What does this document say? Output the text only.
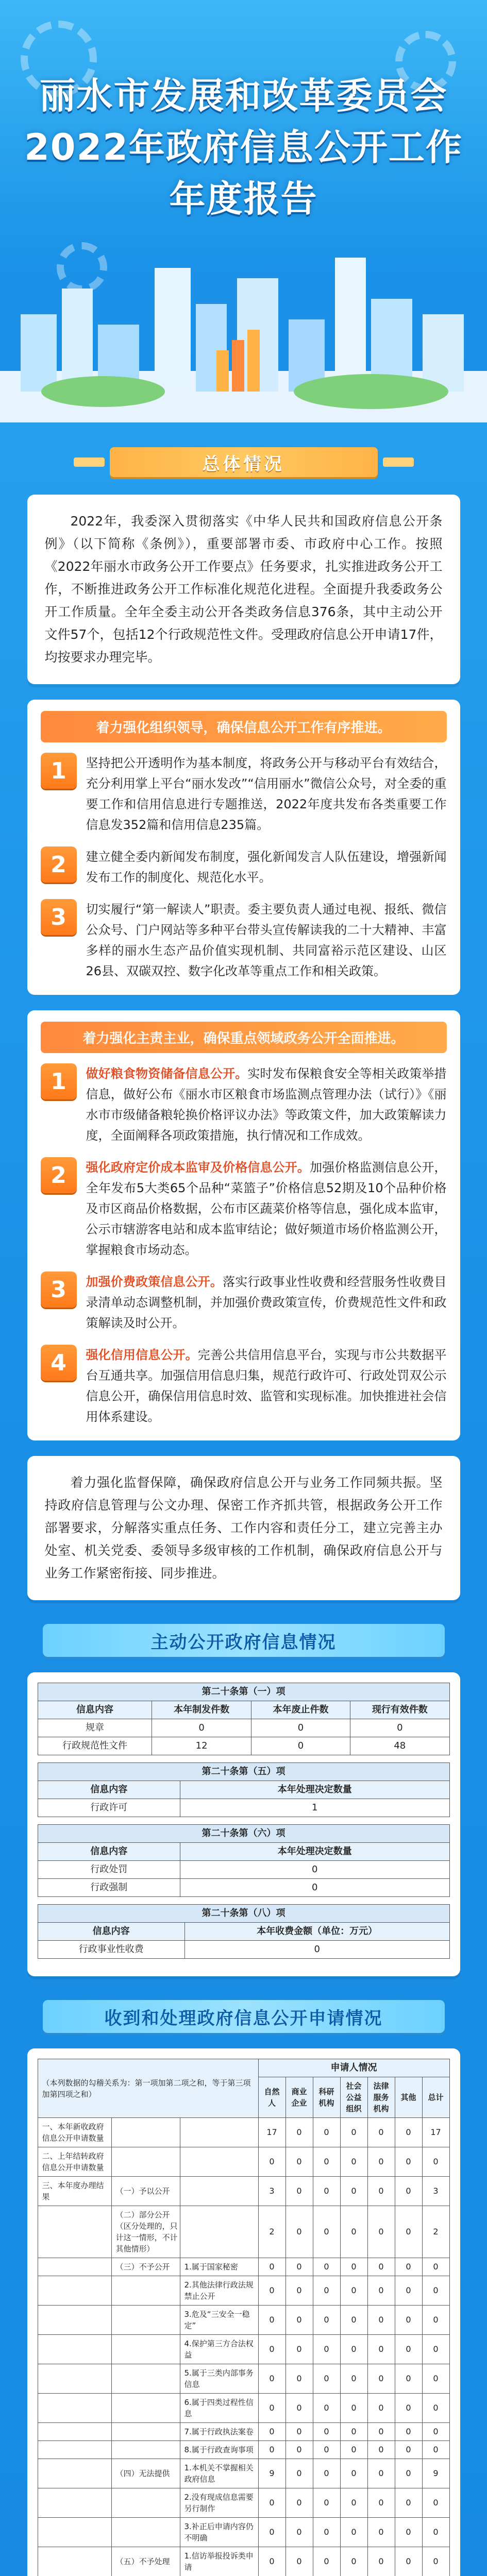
丽水市发展和改革委员会
2022年政府信息公开工作
年度报告
总体情况

2022年，我委深入贯彻落实《中华人民共和国政府信息公开条例》（以下简称《条例》），重要部署市委、市政府中心工作。按照《2022年丽水市政务公开工作要点》任务要求，扎实推进政务公开工作，不断推进政务公开工作标准化规范化进程。全面提升我委政务公开工作质量。全年全委主动公开各类政务信息376条，其中主动公开文件57个，包括12个行政规范性文件。受理政府信息公开申请17件，均按要求办理完毕。

着力强化组织领导，确保信息公开工作有序推进。
1	坚持把公开透明作为基本制度，将政务公开与移动平台有效结合，充分利用掌上平台“丽水发改”“信用丽水”微信公众号，对全委的重要工作和信用信息进行专题推送，2022年度共发布各类重要工作信息发352篇和信用信息235篇。
2	建立健全委内新闻发布制度，强化新闻发言人队伍建设，增强新闻发布工作的制度化、规范化水平。
3	切实履行“第一解读人”职责。委主要负责人通过电视、报纸、微信公众号、门户网站等多种平台带头宣传解读我的二十大精神、丰富多样的丽水生态产品价值实现机制、共同富裕示范区建设、山区26县、双碳双控、数字化改革等重点工作和相关政策。
着力强化主责主业，确保重点领域政务公开全面推进。
1	做好粮食物资储备信息公开。实时发布保粮食安全等相关政策举措信息，做好公布《丽水市区粮食市场监测点管理办法（试行）》《丽水市市级储备粮轮换价格评议办法》等政策文件，加大政策解读力度，全面阐释各项政策措施，执行情况和工作成效。
2	强化政府定价成本监审及价格信息公开。加强价格监测信息公开，全年发布5大类65个品种“菜篮子”价格信息52期及10个品种价格及市区商品价格数据，公布市区蔬菜价格等信息，强化成本监审，公示市辖游客电站和成本监审结论；做好频道市场价格监测公开，掌握粮食市场动态。
3	加强价费政策信息公开。落实行政事业性收费和经营服务性收费目录清单动态调整机制，并加强价费政策宣传，价费规范性文件和政策解读及时公开。
4	强化信用信息公开。完善公共信用信息平台，实现与市公共数据平台互通共享。加强信用信息归集，规范行政许可、行政处罚双公示信息公开，确保信用信息时效、监管和实现标准。加快推进社会信用体系建设。

着力强化监督保障，确保政府信息公开与业务工作同频共振。坚持政府信息管理与公文办理、保密工作齐抓共管，根据政务公开工作部署要求，分解落实重点任务、工作内容和责任分工，建立完善主办处室、机关党委、委领导多级审核的工作机制，确保政府信息公开与业务工作紧密衔接、同步推进。

主动公开政府信息情况
第二十条第（一）项			
信息内容	本年制发件数	本年废止件数	现行有效件数
规章	0	0	0
行政规范性文件	12	0	48
第二十条第（五）项	
信息内容	本年处理决定数量
行政许可	1
第二十条第（六）项	
信息内容	本年处理决定数量
行政处罚	0
行政强制	0
第二十条第（八）项	
信息内容	本年收费金额（单位：万元）
行政事业性收费	0
收到和处理政府信息公开申请情况
（本列数据的勾稽关系为：第一项加第二项之和，等于第三项加第四项之和）			申请人情况						
			自然人	商业企业	科研机构	社会公益组织	法律服务机构	其他	总计
一、本年新收政府信息公开申请数量			17	0	0	0	0	0	17
二、上年结转政府信息公开申请数量			0	0	0	0	0	0	0
三、本年度办理结果	（一）予以公开		3	0	0	0	0	0	3
	（二）部分公开（区分处理的，只计这一情形，不计其他情形）		2	0	0	0	0	0	2
	（三）不予公开	1.属于国家秘密	0	0	0	0	0	0	0
		2.其他法律行政法规禁止公开	0	0	0	0	0	0	0
		3.危及“三安全一稳定”	0	0	0	0	0	0	0
		4.保护第三方合法权益	0	0	0	0	0	0	0
		5.属于三类内部事务信息	0	0	0	0	0	0	0
		6.属于四类过程性信息	0	0	0	0	0	0	0
		7.属于行政执法案卷	0	0	0	0	0	0	0
		8.属于行政查询事项	0	0	0	0	0	0	0
	（四）无法提供	1.本机关不掌握相关政府信息	9	0	0	0	0	0	9
		2.没有现成信息需要另行制作	0	0	0	0	0	0	0
		3.补正后申请内容仍不明确	0	0	0	0	0	0	0
	（五）不予处理	1.信访举报投诉类申请	0	0	0	0	0	0	0
